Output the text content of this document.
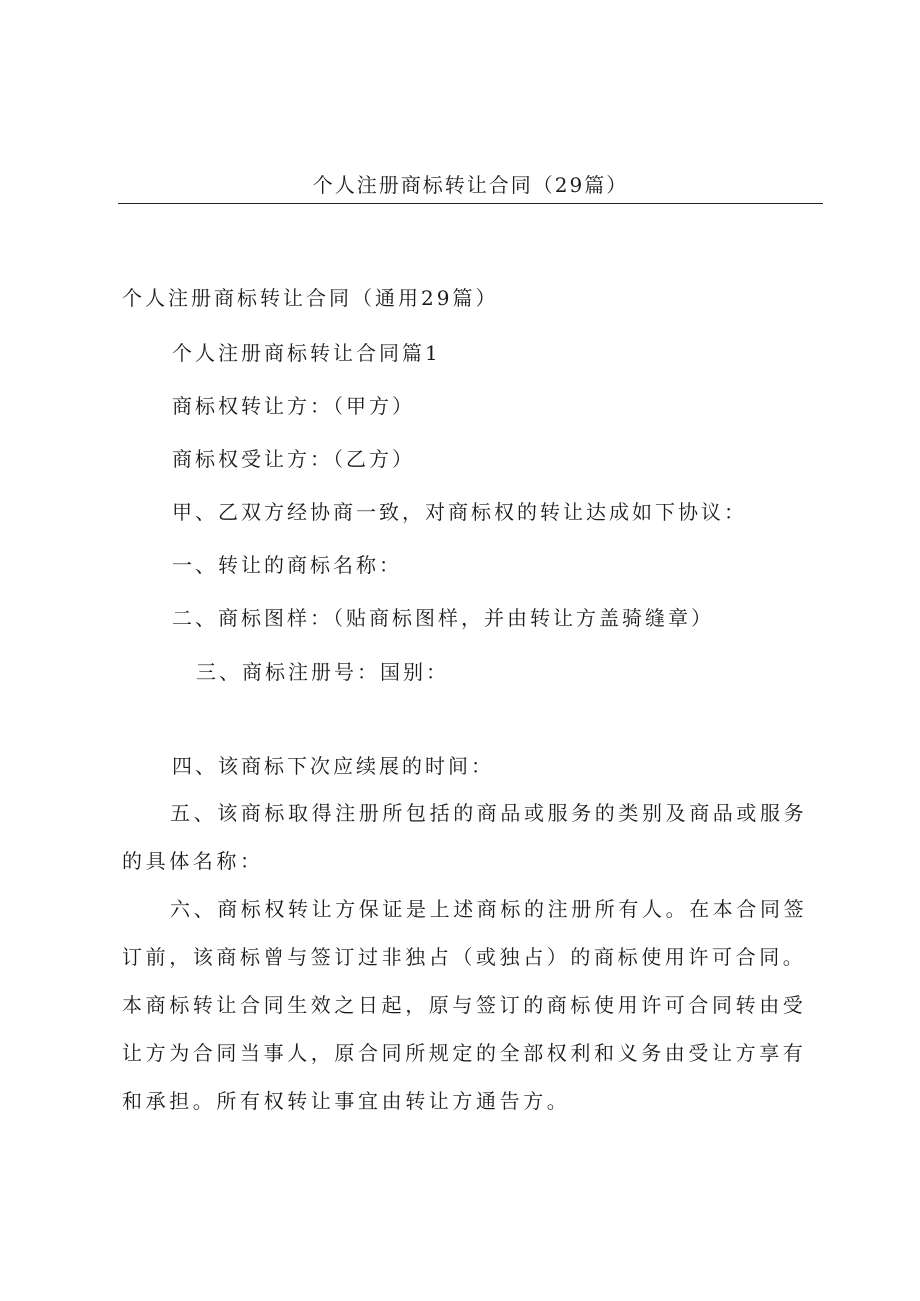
个人注册商标转让合同（29篇）
个人注册商标转让合同（通用29篇）
个人注册商标转让合同篇1
商标权转让方：（甲方）
商标权受让方：（乙方）
甲、乙双方经协商一致，对商标权的转让达成如下协议：
一、转让的商标名称：
二、商标图样：（贴商标图样，并由转让方盖骑缝章）
三、商标注册号：国别：
四、该商标下次应续展的时间：
五、该商标取得注册所包括的商品或服务的类别及商品或服务的具体名称：
六、商标权转让方保证是上述商标的注册所有人。在本合同签订前，该商标曾与签订过非独占（或独占）的商标使用许可合同。本商标转让合同生效之日起，原与签订的商标使用许可合同转由受让方为合同当事人，原合同所规定的全部权利和义务由受让方享有和承担。所有权转让事宜由转让方通告方。
